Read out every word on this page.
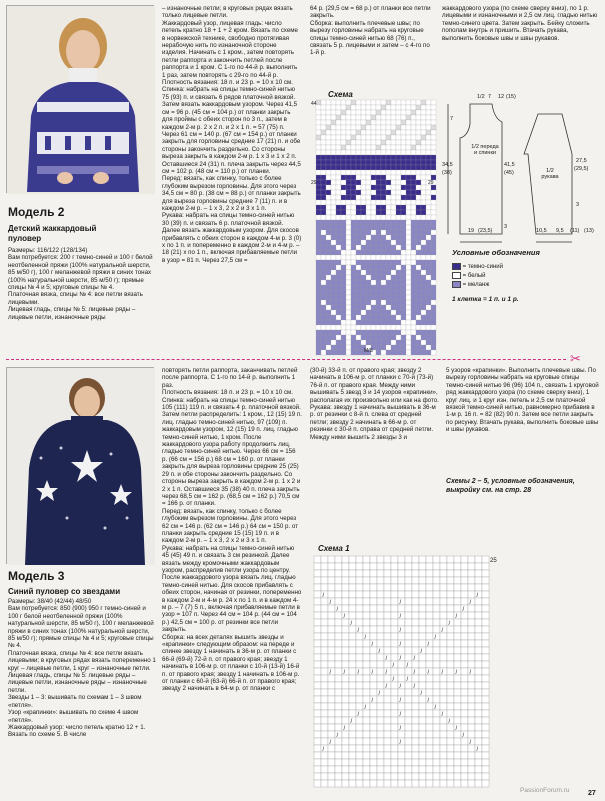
Модель 2
Детский жаккардовый пуловер
Размеры: 116/122 (128/134)
Вам потребуется: 200 г темно-синей и 100 г белой неотбеленной пряжи (100% натуральной шерсти, 85 м/50 г), 100 г меланжевой пряжи в синих тонах (100% натуральной шерсти, 85 м/50 г); прямые спицы № 4 и 5; круговые спицы № 4.
Платочная вязка, спицы № 4: все петли вязать лицевыми.
Лицевая гладь, спицы № 5: лицевые ряды – лицевые петли, изнаночные ряды
– изнаночные петли; в круговых рядах вязать только лицевые петли.
Жаккардовый узор, лицевая гладь: число петель кратно 18 + 1 + 2 кром. Вязать по схеме в норвежской технике, свободно протягивая нерабочую нить по изнаночной стороне изделия. Начинать с 1 кром., затем повторять петли раппорта и закончить петлей после раппорта и 1 кром. С 1-го по 44-й р. выполнить 1 раз, затем повторять с 29-го по 44-й р.
Плотность вязания: 18 п. и 23 р. = 10 х 10 см.
Спинка: набрать на спицы темно-синей нитью 75 (93) п. и связать 6 рядов платочной вязкой. Затем вязать жаккардовым узором. Через 41,5 см = 96 р. (45 см = 104 р.) от планки закрыть для проймы с обеих сторон по 3 п., затем в каждом 2-м р. 2 х 2 п. и 2 х 1 п. = 57 (75) п.
Через 61 см = 140 р. (67 см = 154 р.) от планки закрыть для горловины средние 17 (21) п. и обе стороны закончить раздельно. Со стороны выреза закрыть в каждом 2-м р. 1 х 3 и 1 х 2 п. Оставшиеся 24 (31) п. плеча закрыть через 44,5 см = 102 р. (48 см = 110 р.) от планки.
Перед: вязать, как спинку, только с более глубоким вырезом горловины. Для этого через 34,5 см = 80 р. (38 см = 88 р.) от планки закрыть для выреза горловины средние 7 (11) п. и в каждом 2-м р. – 1 х 3, 2 х 2 и 3 х 1 п.
Рукава: набрать на спицы темно-синей нитью 30 (39) п. и связать 6 р. платочной вязкой. Далее вязать жаккардовым узором. Для скосов прибавлять с обеих сторон в каждом 4-м р. 3 (0) х по 1 п. и попеременно в каждом 2-м и 4-м р. – 18 (21) х по 1 п., включая прибавляемые петли в узор = 81 п. Через 27,5 см =
64 р. (29,5 см = 68 р.) от планки все петли закрыть.
Сборка: выполнить плечевые швы; по вырезу горловины набрать на круговые спицы темно-синей нитью 68 (76) п., связать 5 р. лицевыми и затем – с 4-го по 1-й р.
жаккардового узора (по схеме сверху вниз), по 1 р. лицевыми и изнаночными и 2,5 см лиц. гладью нитью темно-синего цвета. Затем закрыть. Бейку сложить пополам внутрь и пришить. Втачать рукава, выполнить боковые швы и швы рукавов.
Схема
44
29	29
М/S
1/2 7 12 (15)
7
34,5
(38)
41,5
(45)
3
19 (23,5)
1/2 переда и спинки
1/2 рукава
27,5
(29,5)
10,5 9,5 (11) (13)
3
Условные обозначения
= темно-синий
= белый
= меланж
1 клетка = 1 п. и 1 р.
✂
Модель 3
Синий пуловер со звездами
Размеры: 38/40 (42/44) 48/50
Вам потребуется: 850 (900) 950 г темно-синей и 100 г белой неотбеленной пряжи (100% натуральной шерсти, 85 м/50 г), 100 г меланжевой пряжи в синих тонах (100% натуральной шерсти, 85 м/50 г); прямые спицы № 4 и 5; круговые спицы № 4.
Платочная вязка, спицы № 4: все петли вязать лицевыми; в круговых рядах вязать попеременно 1 круг – лицевые петли, 1 круг – изнаночные петли.
Лицевая гладь, спицы № 5: лицевые ряды – лицевые петли, изнаночные ряды – изнаночные петли.
Звезды 1 – 3: вышивать по схемам 1 – 3 швом «петля».
Узор «крапинки»: вышивать по схеме 4 швом «петля».
Жаккардовый узор: число петель кратно 12 + 1. Вязать по схеме 5. В числе
повторять петли раппорта, заканчивать петлей после раппорта. С 1-го по 14-й р. выполнить 1 раз.
Плотность вязания: 18 п. и 23 р. = 10 х 10 см.
Спинка: набрать на спицы темно-синей нитью 105 (111) 119 п. и связать 4 р. платочной вязкой. Затем петли распределить: 1 кром., 12 (15) 19 п. лиц. гладью темно-синей нитью, 97 (109) п. жаккардовым узором, 12 (15) 19 п. лиц. гладью темно-синей нитью, 1 кром. После жаккардового узора работу продолжить лиц. гладью темно-синей нитью. Через 66 см = 156 р. (66 см = 156 р.) 68 см = 160 р. от планки закрыть для выреза горловины средние 25 (25) 29 п. и обе стороны закончить раздельно. Со стороны выреза закрыть в каждом 2-м р. 1 х 2 и 2 х 1 п. Оставшиеся 35 (38) 40 п. плеча закрыть через 68,5 см = 162 р. (68,5 см = 162 р.) 70,5 см = 166 р. от планки.
Перед: вязать, как спинку, только с более глубоким вырезом горловины. Для этого через 62 см = 146 р. (62 см = 146 р.) 64 см = 150 р. от планки закрыть средние 15 (15) 19 п. и в каждом 2-м р. – 1 х 3, 2 х 2 и 3 х 1 п.
Рукава: набрать на спицы темно-синей нитью 45 (45) 49 п. и связать 3 см резинкой. Далее вязать между кромочными жаккардовым узором, распределив петли узора по центру. После жаккардового узора вязать лиц. гладью темно-синей нитью. Для скосов прибавлять с обеих сторон, начиная от резинки, попеременно в каждом 2-м и 4-м р. 24 х по 1 п. и в каждом 4-м р. – 7 (7) 5 п., включая прибавляемые петли в узор = 107 п. Через 44 см = 104 р. (44 см = 104 р.) 42,5 см = 100 р. от резинки все петли закрыть.
Сборка: на всех деталях вышить звезды и «крапинки» следующим образом: на переде и спинке звезду 1 начинать в 36-м р. от планки с 66-й (69-й) 72-й п. от правого края; звезду 1 начинать в 106-м р. от планки с 10-й (13-й) 16-й п. от правого края; звезду 1 начинать в 106-м р. от планки с 60-й (63-й) 66-й п. от правого края; звезду 2 начинать в 64-м р. от планки с
(30-й) 33-й п. от правого края; звезду 2 начинать в 106-м р. от планки с 70-й (73-й) 76-й п. от правого края. Между ними вышивать 5 звезд 3 и 14 узоров «крапинки», располагая их произвольно или как на фото.
Рукава: звезду 1 начинать вышивать в 36-м р. от резинки с 8-й п. слева от средней петли; звезду 2 начинать в 66-м р. от резинки с 30-й п. справа от средней петли. Между ними вышить 2 звезды 3 и
5 узоров «крапинки». Выполнить плечевые швы. По вырезу горловины набрать на круговые спицы темно-синей нитью 96 (96) 104 п., связать 1 круговой ряд жаккардового узора (по схеме сверху вниз), 1 круг лиц. и 1 круг изн. петель и 2,5 см платочной вязкой темно-синей нитью, равномерно прибавив в 1-м р. 16 п. = 82 (82) 90 п. Затем все петли закрыть по рисунку. Втачать рукава, выполнить боковые швы и швы рукавов.
Схемы 2 – 5, условные обозначения, выкройку см. на стр. 28
Схема 1
/	/
/	/	/
/	/
/	/	/
/	/
/	/	/
/	/
/	/	/
/	/
/ / /
/ /
/ / / / /	/ / / / /
/ /
/ / /
/	/
/	/	/
/	/
/	/	/
/	/
/	/	/
/	/
/	/	/
/	/
25
PassionForum.ru	27
